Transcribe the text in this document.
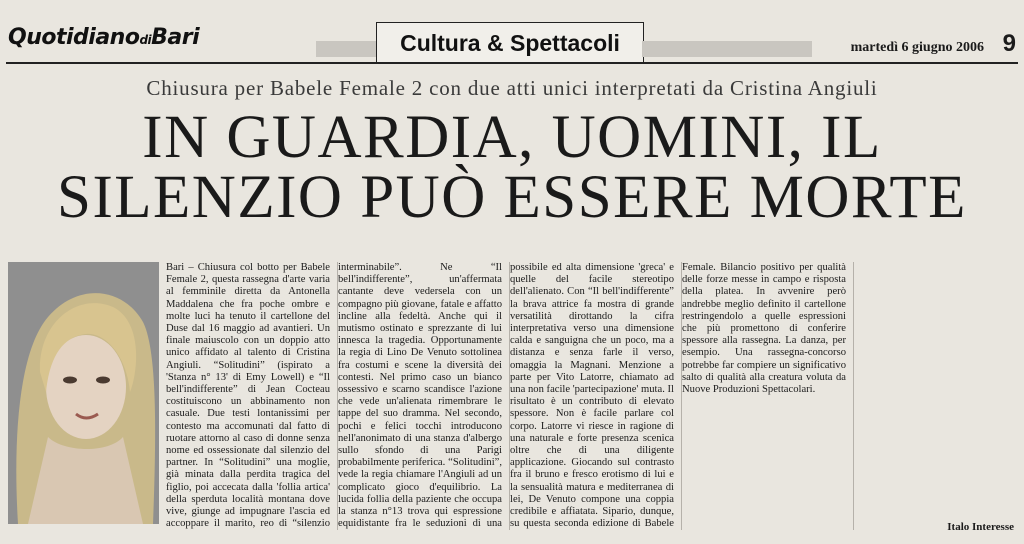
QuotidianodiBari	Cultura & Spettacoli	martedì 6 giugno 2006 9
Chiusura per Babele Female 2 con due atti unici interpretati da Cristina Angiuli
IN GUARDIA, UOMINI, IL
SILENZIO PUÒ ESSERE MORTE

Bari – Chiusura col botto per Babele Female 2, questa rassegna d'arte varia al femminile diretta da Antonella Maddalena che fra poche ombre e molte luci ha tenuto il cartellone del Duse dal 16 maggio ad avantieri. Un finale maiuscolo con un doppio atto unico affidato al talento di Cristina Angiuli. “Solitudini” (ispirato a 'Stanza n° 13' di Emy Lowell) e “Il bell'indifferente” di Jean Cocteau costituiscono un abbinamento non casuale. Due testi lontanissimi per contesto ma accomunati dal fatto di ruotare attorno al caso di donne senza nome ed ossessionate dal silenzio del partner. In “Solitudini” una moglie, già minata dalla perdita tragica del figlio, poi accecata dalla 'follia artica' della sperduta località montana dove vive, giunge ad impugnare l'ascia ed accoppare il marito, reo di “silenzio interminabile”. Ne “Il bell'indifferente”, un'affermata cantante deve vedersela con un compagno più giovane, fatale e affatto incline alla fedeltà. Anche qui il mutismo ostinato e sprezzante di lui innesca la tragedia. Opportunamente la regia di Lino De Venuto sottolinea fra costumi e scene la diversità dei contesti. Nel primo caso un bianco ossessivo e scarno scandisce l'azione che vede un'alienata rimembrare le tappe del suo dramma. Nel secondo, pochi e felici tocchi introducono nell'anonimato di una stanza d'albergo sullo sfondo di una Parigi probabilmente periferica. “Solitudini”, vede la regia chiamare l'Angiuli ad un complicato gioco d'equilibrio. La lucida follia della paziente che occupa la stanza n°13 trova qui espressione equidistante fra le seduzioni di una possibile ed alta dimensione 'greca' e quelle del facile stereotipo dell'alienato. Con “Il bell'indifferente” la brava attrice fa mostra di grande versatilità dirottando la cifra interpretativa verso una dimensione calda e sanguigna che un poco, ma a distanza e senza farle il verso, omaggia la Magnani. Menzione a parte per Vito Latorre, chiamato ad una non facile 'partecipazione' muta. Il risultato è un contributo di elevato spessore. Non è facile parlare col corpo. Latorre vi riesce in ragione di una naturale e forte presenza scenica oltre che di una diligente applicazione. Giocando sul contrasto fra il bruno e fresco erotismo di lui e la sensualità matura e mediterranea di lei, De Venuto compone una coppia credibile e affiatata. Sipario, dunque, su questa seconda edizione di Babele Female. Bilancio positivo per qualità delle forze messe in campo e risposta della platea. In avvenire però andrebbe meglio definito il cartellone restringendolo a quelle espressioni che più promettono di conferire spessore alla rassegna. La danza, per esempio. Una rassegna-concorso potrebbe far compiere un significativo salto di qualità alla creatura voluta da Nuove Produzioni Spettacolari.

Italo Interesse
